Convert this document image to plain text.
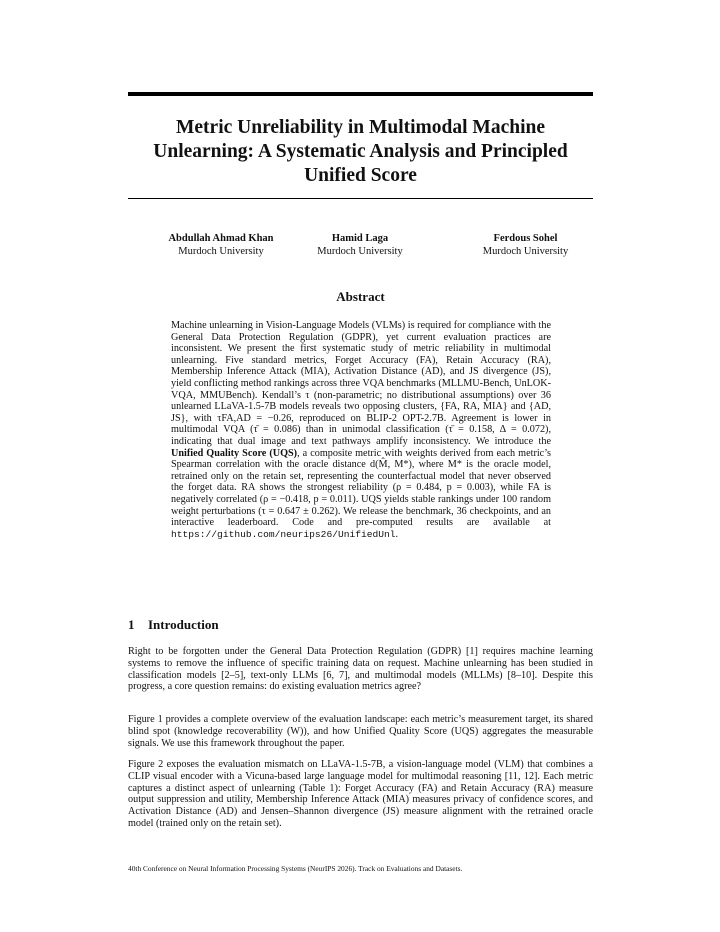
Metric Unreliability in Multimodal Machine Unlearning: A Systematic Analysis and Principled Unified Score
Abdullah Ahmad Khan
Murdoch University
Hamid Laga
Murdoch University
Ferdous Sohel
Murdoch University
Abstract

Machine unlearning in Vision-Language Models (VLMs) is required for compliance with the General Data Protection Regulation (GDPR), yet current evaluation practices are inconsistent. We present the first systematic study of metric reliability in multimodal unlearning. Five standard metrics, Forget Accuracy (FA), Retain Accuracy (RA), Membership Inference Attack (MIA), Activation Distance (AD), and JS divergence (JS), yield conflicting method rankings across three VQA benchmarks (MLLMU-Bench, UnLOK-VQA, MMUBench). Kendall’s τ (non-parametric; no distributional assumptions) over 36 unlearned LLaVA-1.5-7B models reveals two opposing clusters, {FA, RA, MIA} and {AD, JS}, with τFA,AD = −0.26, reproduced on BLIP-2 OPT-2.7B. Agreement is lower in multimodal VQA (τ̄ = 0.086) than in unimodal classification (τ̄ = 0.158, Δ = 0.072), indicating that dual image and text pathways amplify inconsistency. We introduce the Unified Quality Score (UQS), a composite metric with weights derived from each metric’s Spearman correlation with the oracle distance d(M̂, M*), where M* is the oracle model, retrained only on the retain set, representing the counterfactual model that never observed the forget data. RA shows the strongest reliability (ρ = 0.484, p = 0.003), while FA is negatively correlated (ρ = −0.418, p = 0.011). UQS yields stable rankings under 100 random weight perturbations (τ = 0.647 ± 0.262). We release the benchmark, 36 checkpoints, and an interactive leaderboard. Code and pre-computed results are available at https://github.com/neurips26/UnifiedUnl.

1 Introduction

Right to be forgotten under the General Data Protection Regulation (GDPR) [1] requires machine learning systems to remove the influence of specific training data on request. Machine unlearning has been studied in classification models [2–5], text-only LLMs [6, 7], and multimodal models (MLLMs) [8–10]. Despite this progress, a core question remains: do existing evaluation metrics agree?

Figure 1 provides a complete overview of the evaluation landscape: each metric’s measurement target, its shared blind spot (knowledge recoverability (W)), and how Unified Quality Score (UQS) aggregates the measurable signals. We use this framework throughout the paper.

Figure 2 exposes the evaluation mismatch on LLaVA-1.5-7B, a vision-language model (VLM) that combines a CLIP visual encoder with a Vicuna-based large language model for multimodal reasoning [11, 12]. Each metric captures a distinct aspect of unlearning (Table 1): Forget Accuracy (FA) and Retain Accuracy (RA) measure output suppression and utility, Membership Inference Attack (MIA) measures privacy of confidence scores, and Activation Distance (AD) and Jensen–Shannon divergence (JS) measure alignment with the retrained oracle model (trained only on the retain set).

40th Conference on Neural Information Processing Systems (NeurIPS 2026). Track on Evaluations and Datasets.
